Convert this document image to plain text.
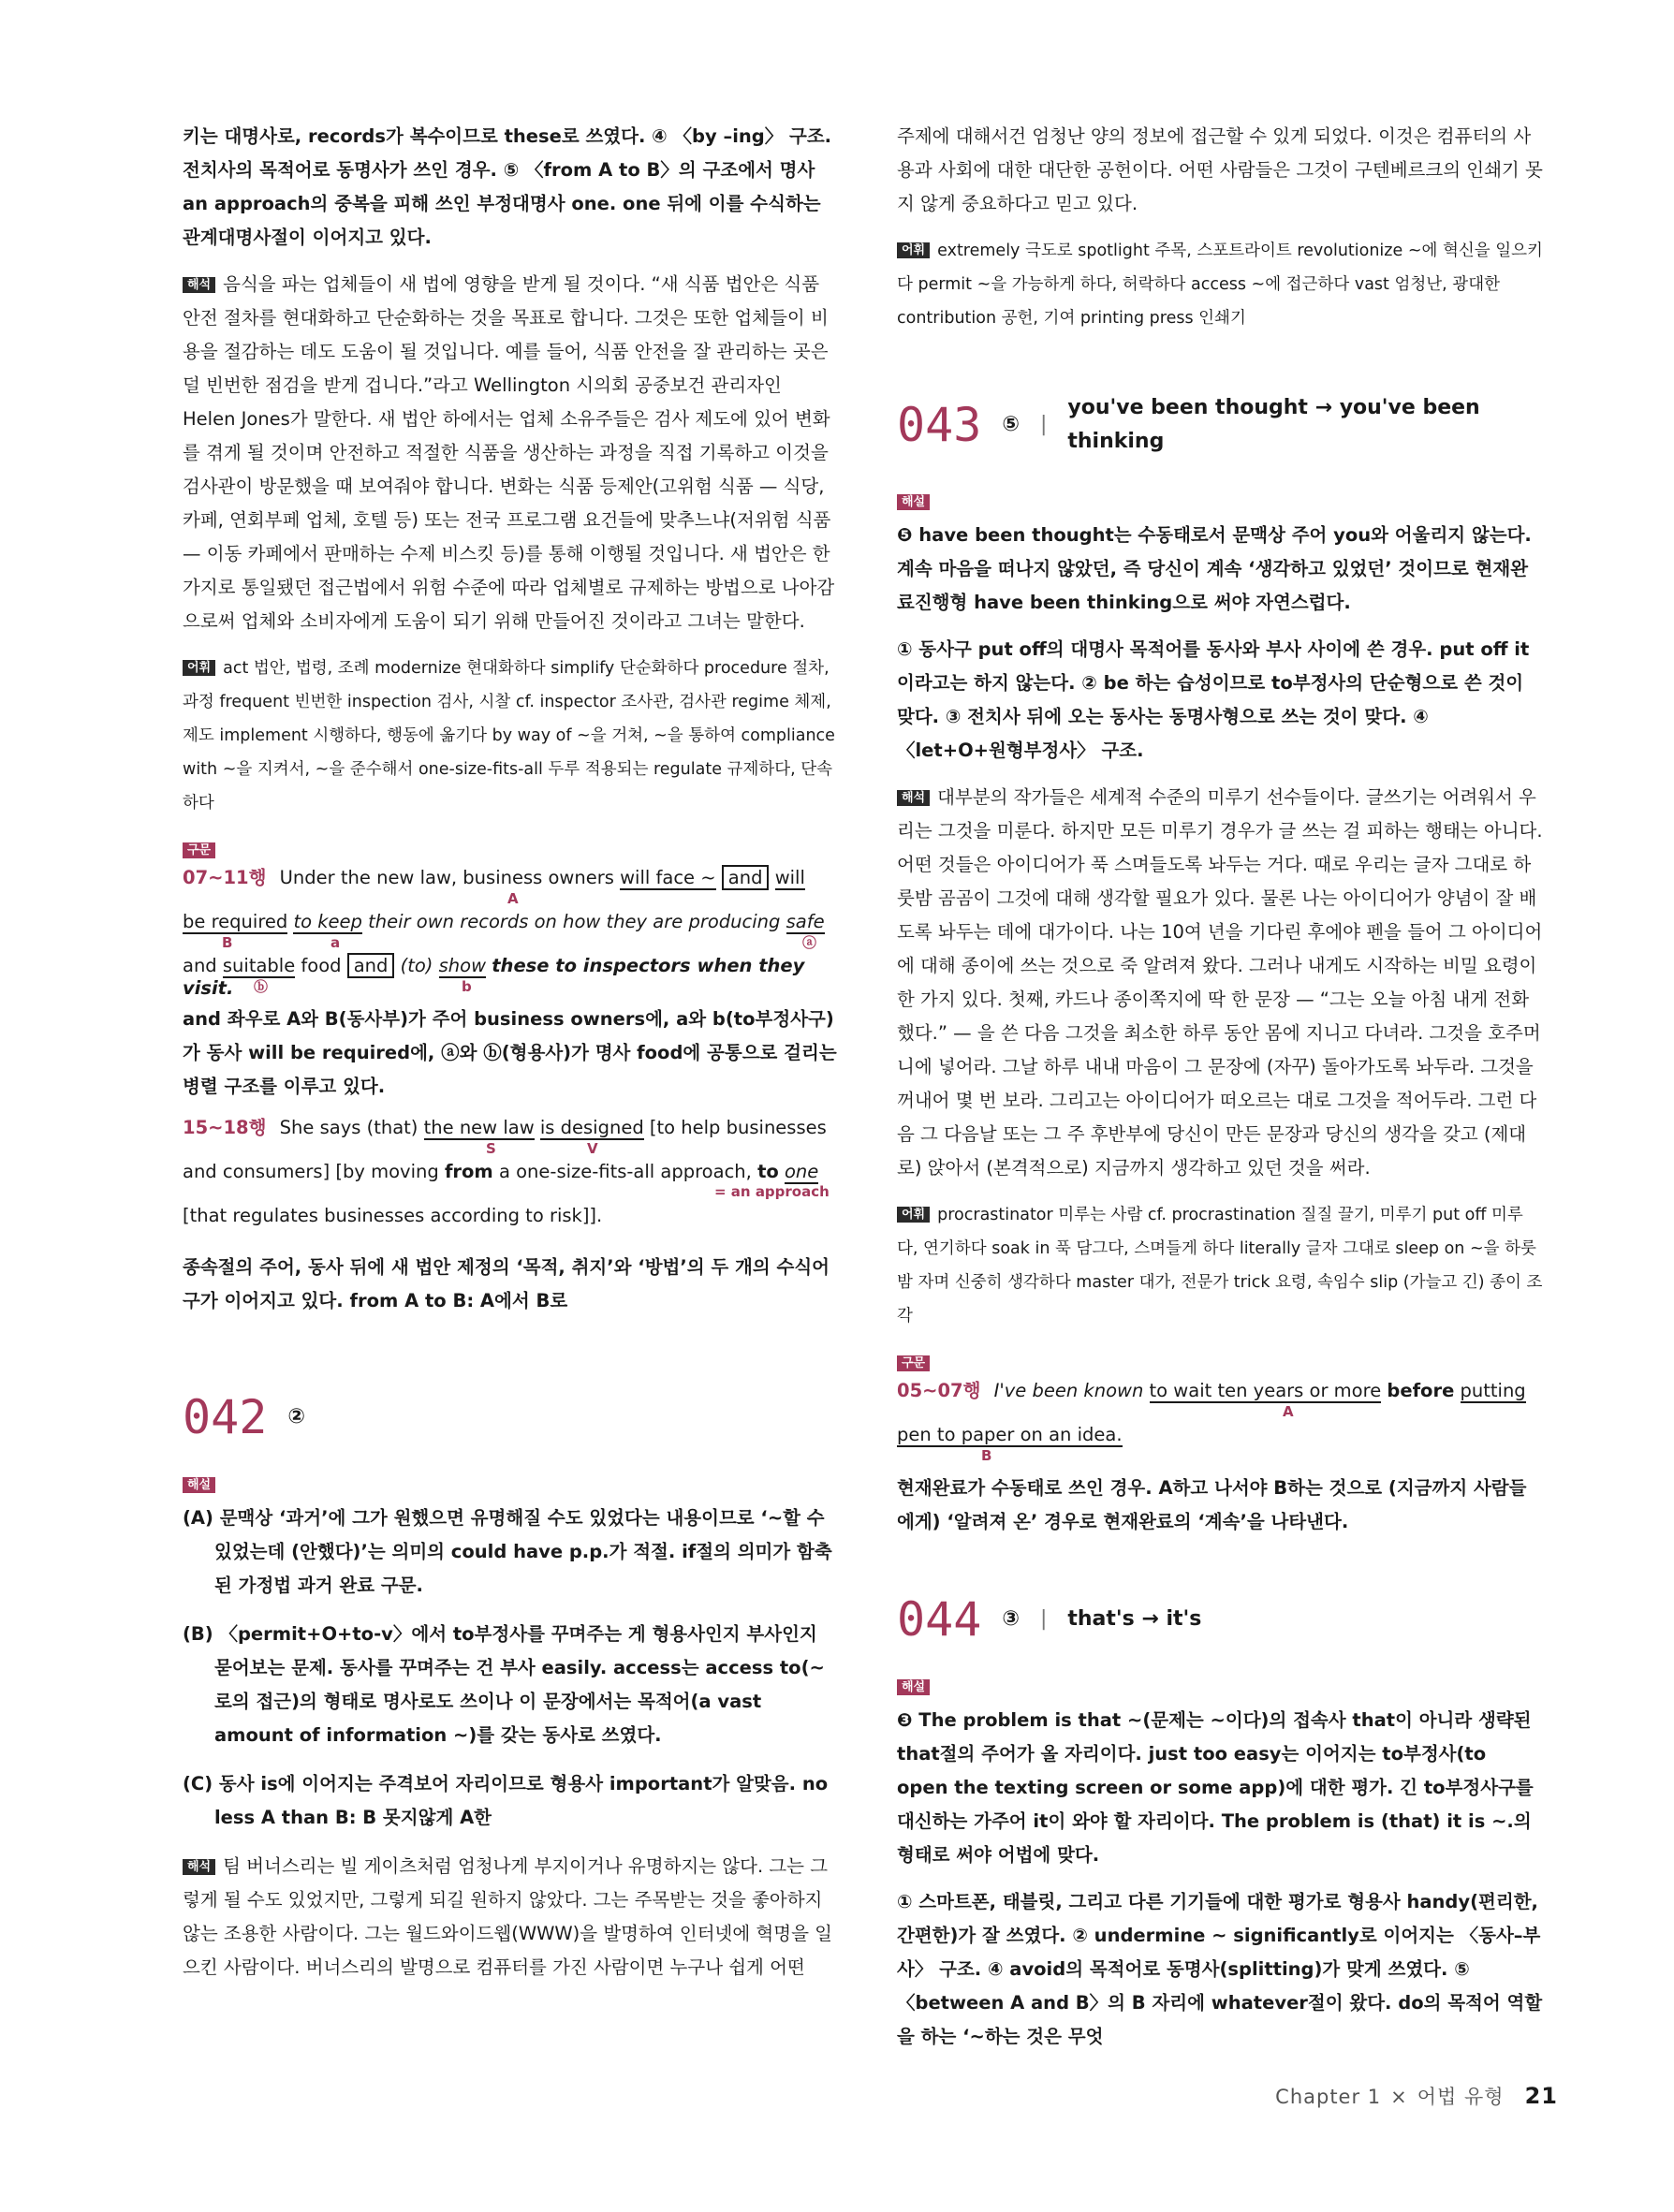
키는 대명사로, records가 복수이므로 these로 쓰였다. ④ 〈by –ing〉 구조. 전치사의 목적어로 동명사가 쓰인 경우. ⑤ 〈from A to B〉의 구조에서 명사 an approach의 중복을 피해 쓰인 부정대명사 one. one 뒤에 이를 수식하는 관계대명사절이 이어지고 있다.

해석 음식을 파는 업체들이 새 법에 영향을 받게 될 것이다. “새 식품 법안은 식품 안전 절차를 현대화하고 단순화하는 것을 목표로 합니다. 그것은 또한 업체들이 비용을 절감하는 데도 도움이 될 것입니다. 예를 들어, 식품 안전을 잘 관리하는 곳은 덜 빈번한 점검을 받게 겁니다.”라고 Wellington 시의회 공중보건 관리자인 Helen Jones가 말한다. 새 법안 하에서는 업체 소유주들은 검사 제도에 있어 변화를 겪게 될 것이며 안전하고 적절한 식품을 생산하는 과정을 직접 기록하고 이것을 검사관이 방문했을 때 보여줘야 합니다. 변화는 식품 등제안(고위험 식품 — 식당, 카페, 연회부페 업체, 호텔 등) 또는 전국 프로그램 요건들에 맞추느냐(저위험 식품 — 이동 카페에서 판매하는 수제 비스킷 등)를 통해 이행될 것입니다. 새 법안은 한 가지로 통일됐던 접근법에서 위험 수준에 따라 업체별로 규제하는 방법으로 나아감으로써 업체와 소비자에게 도움이 되기 위해 만들어진 것이라고 그녀는 말한다.

어휘 act 법안, 법령, 조례 modernize 현대화하다 simplify 단순화하다 procedure 절차, 과정 frequent 빈번한 inspection 검사, 시찰 cf. inspector 조사관, 검사관 regime 체제, 제도 implement 시행하다, 행동에 옮기다 by way of ~을 거쳐, ~을 통하여 compliance with ~을 지켜서, ~을 준수해서 one-size-fits-all 두루 적용되는 regulate 규제하다, 단속하다

구문
07~11행 Under the new law, business owners will face ~ and will
A
be required to keep their own records on how they are producing safe
B	a	ⓐ
and suitable food and (to) show these to inspectors when they visit. ⓑ	b

and 좌우로 A와 B(동사부)가 주어 business owners에, a와 b(to부정사구)가 동사 will be required에, ⓐ와 ⓑ(형용사)가 명사 food에 공통으로 걸리는 병렬 구조를 이루고 있다.

15~18행 She says (that) the new law is designed [to help businesses
S	V
and consumers] [by moving from a one-size-fits-all approach, to one
= an approach
[that regulates businesses according to risk]].

종속절의 주어, 동사 뒤에 새 법안 제정의 ‘목적, 취지’와 ‘방법’의 두 개의 수식어구가 이어지고 있다. from A to B: A에서 B로

042 ②
해설

(A) 문맥상 ‘과거’에 그가 원했으면 유명해질 수도 있었다는 내용이므로 ‘~할 수 있었는데 (안했다)’는 의미의 could have p.p.가 적절. if절의 의미가 함축된 가정법 과거 완료 구문.

(B) 〈permit+O+to-v〉에서 to부정사를 꾸며주는 게 형용사인지 부사인지 묻어보는 문제. 동사를 꾸며주는 건 부사 easily. access는 access to(~로의 접근)의 형태로 명사로도 쓰이나 이 문장에서는 목적어(a vast amount of information ~)를 갖는 동사로 쓰였다.

(C) 동사 is에 이어지는 주격보어 자리이므로 형용사 important가 알맞음. no less A than B: B 못지않게 A한

해석 팀 버너스리는 빌 게이츠처럼 엄청나게 부지이거나 유명하지는 않다. 그는 그렇게 될 수도 있었지만, 그렇게 되길 원하지 않았다. 그는 주목받는 것을 좋아하지 않는 조용한 사람이다. 그는 월드와이드웹(WWW)을 발명하여 인터넷에 혁명을 일으킨 사람이다. 버너스리의 발명으로 컴퓨터를 가진 사람이면 누구나 쉽게 어떤

주제에 대해서건 엄청난 양의 정보에 접근할 수 있게 되었다. 이것은 컴퓨터의 사용과 사회에 대한 대단한 공헌이다. 어떤 사람들은 그것이 구텐베르크의 인쇄기 못지 않게 중요하다고 믿고 있다.

어휘 extremely 극도로 spotlight 주목, 스포트라이트 revolutionize ~에 혁신을 일으키다 permit ~을 가능하게 하다, 허락하다 access ~에 접근하다 vast 엄청난, 광대한 contribution 공헌, 기여 printing press 인쇄기

043 ⑤ |
you've been thought → you've been thinking
해설

❺ have been thought는 수동태로서 문맥상 주어 you와 어울리지 않는다. 계속 마음을 떠나지 않았던, 즉 당신이 계속 ‘생각하고 있었던’ 것이므로 현재완료진행형 have been thinking으로 써야 자연스럽다.

① 동사구 put off의 대명사 목적어를 동사와 부사 사이에 쓴 경우. put off it이라고는 하지 않는다. ② be 하는 습성이므로 to부정사의 단순형으로 쓴 것이 맞다. ③ 전치사 뒤에 오는 동사는 동명사형으로 쓰는 것이 맞다. ④ 〈let+O+원형부정사〉 구조.

해석 대부분의 작가들은 세계적 수준의 미루기 선수들이다. 글쓰기는 어려워서 우리는 그것을 미룬다. 하지만 모든 미루기 경우가 글 쓰는 걸 피하는 행태는 아니다. 어떤 것들은 아이디어가 푹 스며들도록 놔두는 거다. 때로 우리는 글자 그대로 하룻밤 곰곰이 그것에 대해 생각할 필요가 있다. 물론 나는 아이디어가 양념이 잘 배도록 놔두는 데에 대가이다. 나는 10여 년을 기다린 후에야 펜을 들어 그 아이디어에 대해 종이에 쓰는 것으로 죽 알려져 왔다. 그러나 내게도 시작하는 비밀 요령이 한 가지 있다. 첫째, 카드나 종이쪽지에 딱 한 문장 — “그는 오늘 아침 내게 전화했다.” — 을 쓴 다음 그것을 최소한 하루 동안 몸에 지니고 다녀라. 그것을 호주머니에 넣어라. 그날 하루 내내 마음이 그 문장에 (자꾸) 돌아가도록 놔두라. 그것을 꺼내어 몇 번 보라. 그리고는 아이디어가 떠오르는 대로 그것을 적어두라. 그런 다음 그 다음날 또는 그 주 후반부에 당신이 만든 문장과 당신의 생각을 갖고 (제대로) 앉아서 (본격적으로) 지금까지 생각하고 있던 것을 써라.

어휘 procrastinator 미루는 사람 cf. procrastination 질질 끌기, 미루기 put off 미루다, 연기하다 soak in 푹 담그다, 스며들게 하다 literally 글자 그대로 sleep on ~을 하룻밤 자며 신중히 생각하다 master 대가, 전문가 trick 요령, 속임수 slip (가늘고 긴) 종이 조각

구문
05~07행 I've been known to wait ten years or more before putting
A
pen to paper on an idea.
B

현재완료가 수동태로 쓰인 경우. A하고 나서야 B하는 것으로 (지금까지 사람들에게) ‘알려져 온’ 경우로 현재완료의 ‘계속’을 나타낸다.

044 ③ | that's → it's
해설

❸ The problem is that ~(문제는 ~이다)의 접속사 that이 아니라 생략된 that절의 주어가 올 자리이다. just too easy는 이어지는 to부정사(to open the texting screen or some app)에 대한 평가. 긴 to부정사구를 대신하는 가주어 it이 와야 할 자리이다. The problem is (that) it is ~.의 형태로 써야 어법에 맞다.

① 스마트폰, 태블릿, 그리고 다른 기기들에 대한 평가로 형용사 handy(편리한, 간편한)가 잘 쓰였다. ② undermine ~ significantly로 이어지는 〈동사–부사〉 구조. ④ avoid의 목적어로 동명사(splitting)가 맞게 쓰였다. ⑤ 〈between A and B〉의 B 자리에 whatever절이 왔다. do의 목적어 역할을 하는 ‘~하는 것은 무엇

Chapter 1 × 어법 유형 21
